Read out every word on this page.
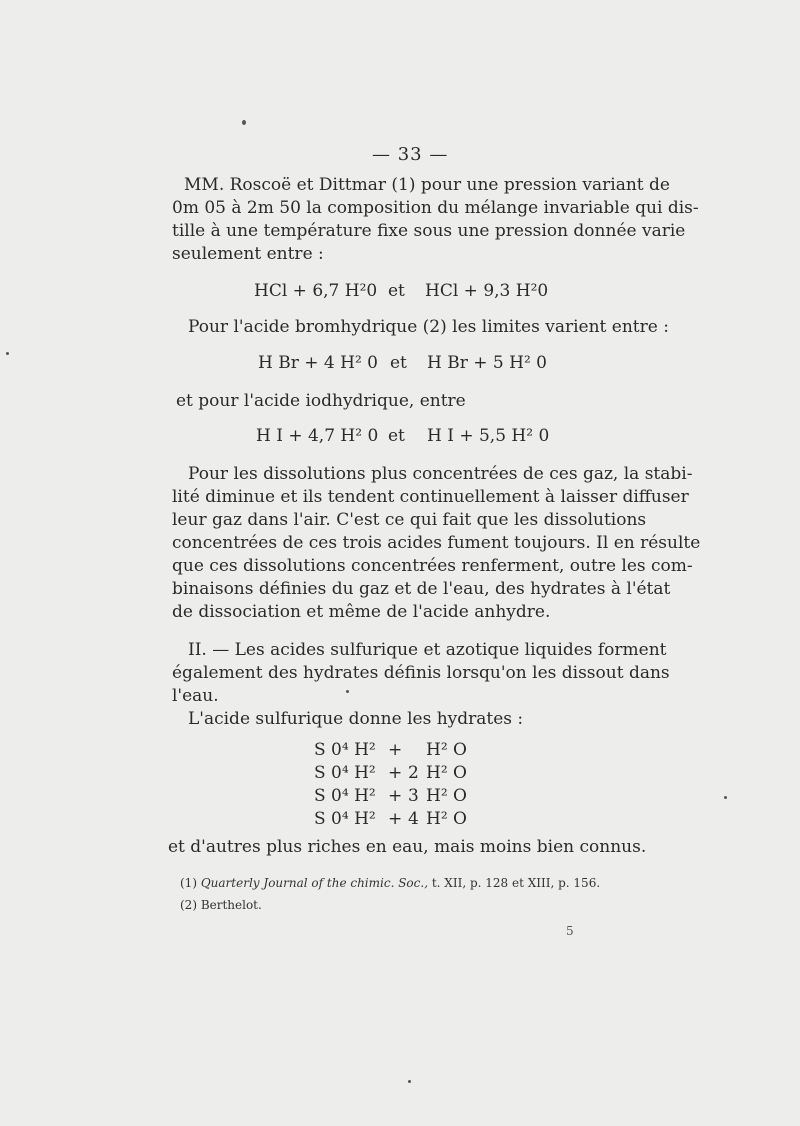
— 33 —
MM. Roscoë et Dittmar (1) pour une pression variant de
0m 05 à 2m 50 la composition du mélange invariable qui dis-
tille à une température fixe sous une pression donnée varie
seulement entre :
HCl + 6,7 H²0 et HCl + 9,3 H²0
Pour l'acide bromhydrique (2) les limites varient entre :
H Br + 4 H² 0 et H Br + 5 H² 0
et pour l'acide iodhydrique, entre
H I + 4,7 H² 0 et H I + 5,5 H² 0
Pour les dissolutions plus concentrées de ces gaz, la stabi-
lité diminue et ils tendent continuellement à laisser diffuser
leur gaz dans l'air. C'est ce qui fait que les dissolutions
concentrées de ces trois acides fument toujours. Il en résulte
que ces dissolutions concentrées renferment, outre les com-
binaisons définies du gaz et de l'eau, des hydrates à l'état
de dissociation et même de l'acide anhydre.
II. — Les acides sulfurique et azotique liquides forment
également des hydrates définis lorsqu'on les dissout dans
l'eau.
L'acide sulfurique donne les hydrates :
S 0⁴ H² + H² O
S 0⁴ H² + 2 H² O
S 0⁴ H² + 3 H² O
S 0⁴ H² + 4 H² O
et d'autres plus riches en eau, mais moins bien connus.
(1) Quarterly Journal of the chimic. Soc., t. XII, p. 128 et XIII, p. 156.
(2) Berthelot.
5
